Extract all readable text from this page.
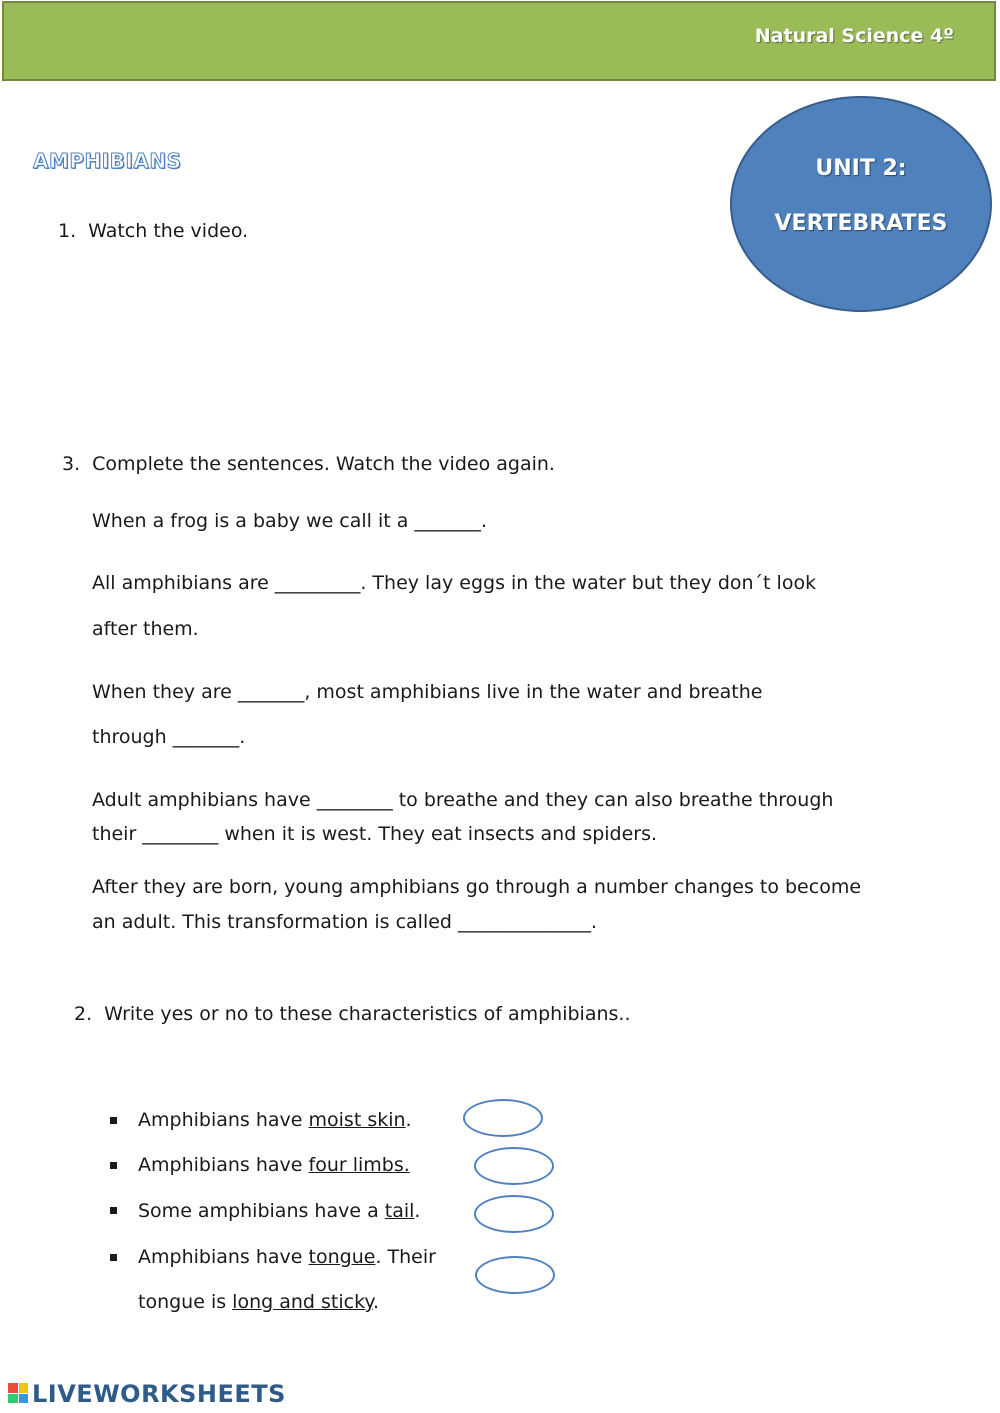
Natural Science 4º
UNIT 2:
VERTEBRATES
AMPHIBIANS
1. Watch the video.
3. Complete the sentences. Watch the video again.
When a frog is a baby we call it a _______.
All amphibians are _________. They lay eggs in the water but they don´t look
after them.
When they are _______, most amphibians live in the water and breathe
through _______.
Adult amphibians have ________ to breathe and they can also breathe through
their ________ when it is west. They eat insects and spiders.
After they are born, young amphibians go through a number changes to become
an adult. This transformation is called ______________.
2. Write yes or no to these characteristics of amphibians..
Amphibians have moist skin.
Amphibians have four limbs.
Some amphibians have a tail.
Amphibians have tongue. Their
tongue is long and sticky.
LIVEWORKSHEETS
